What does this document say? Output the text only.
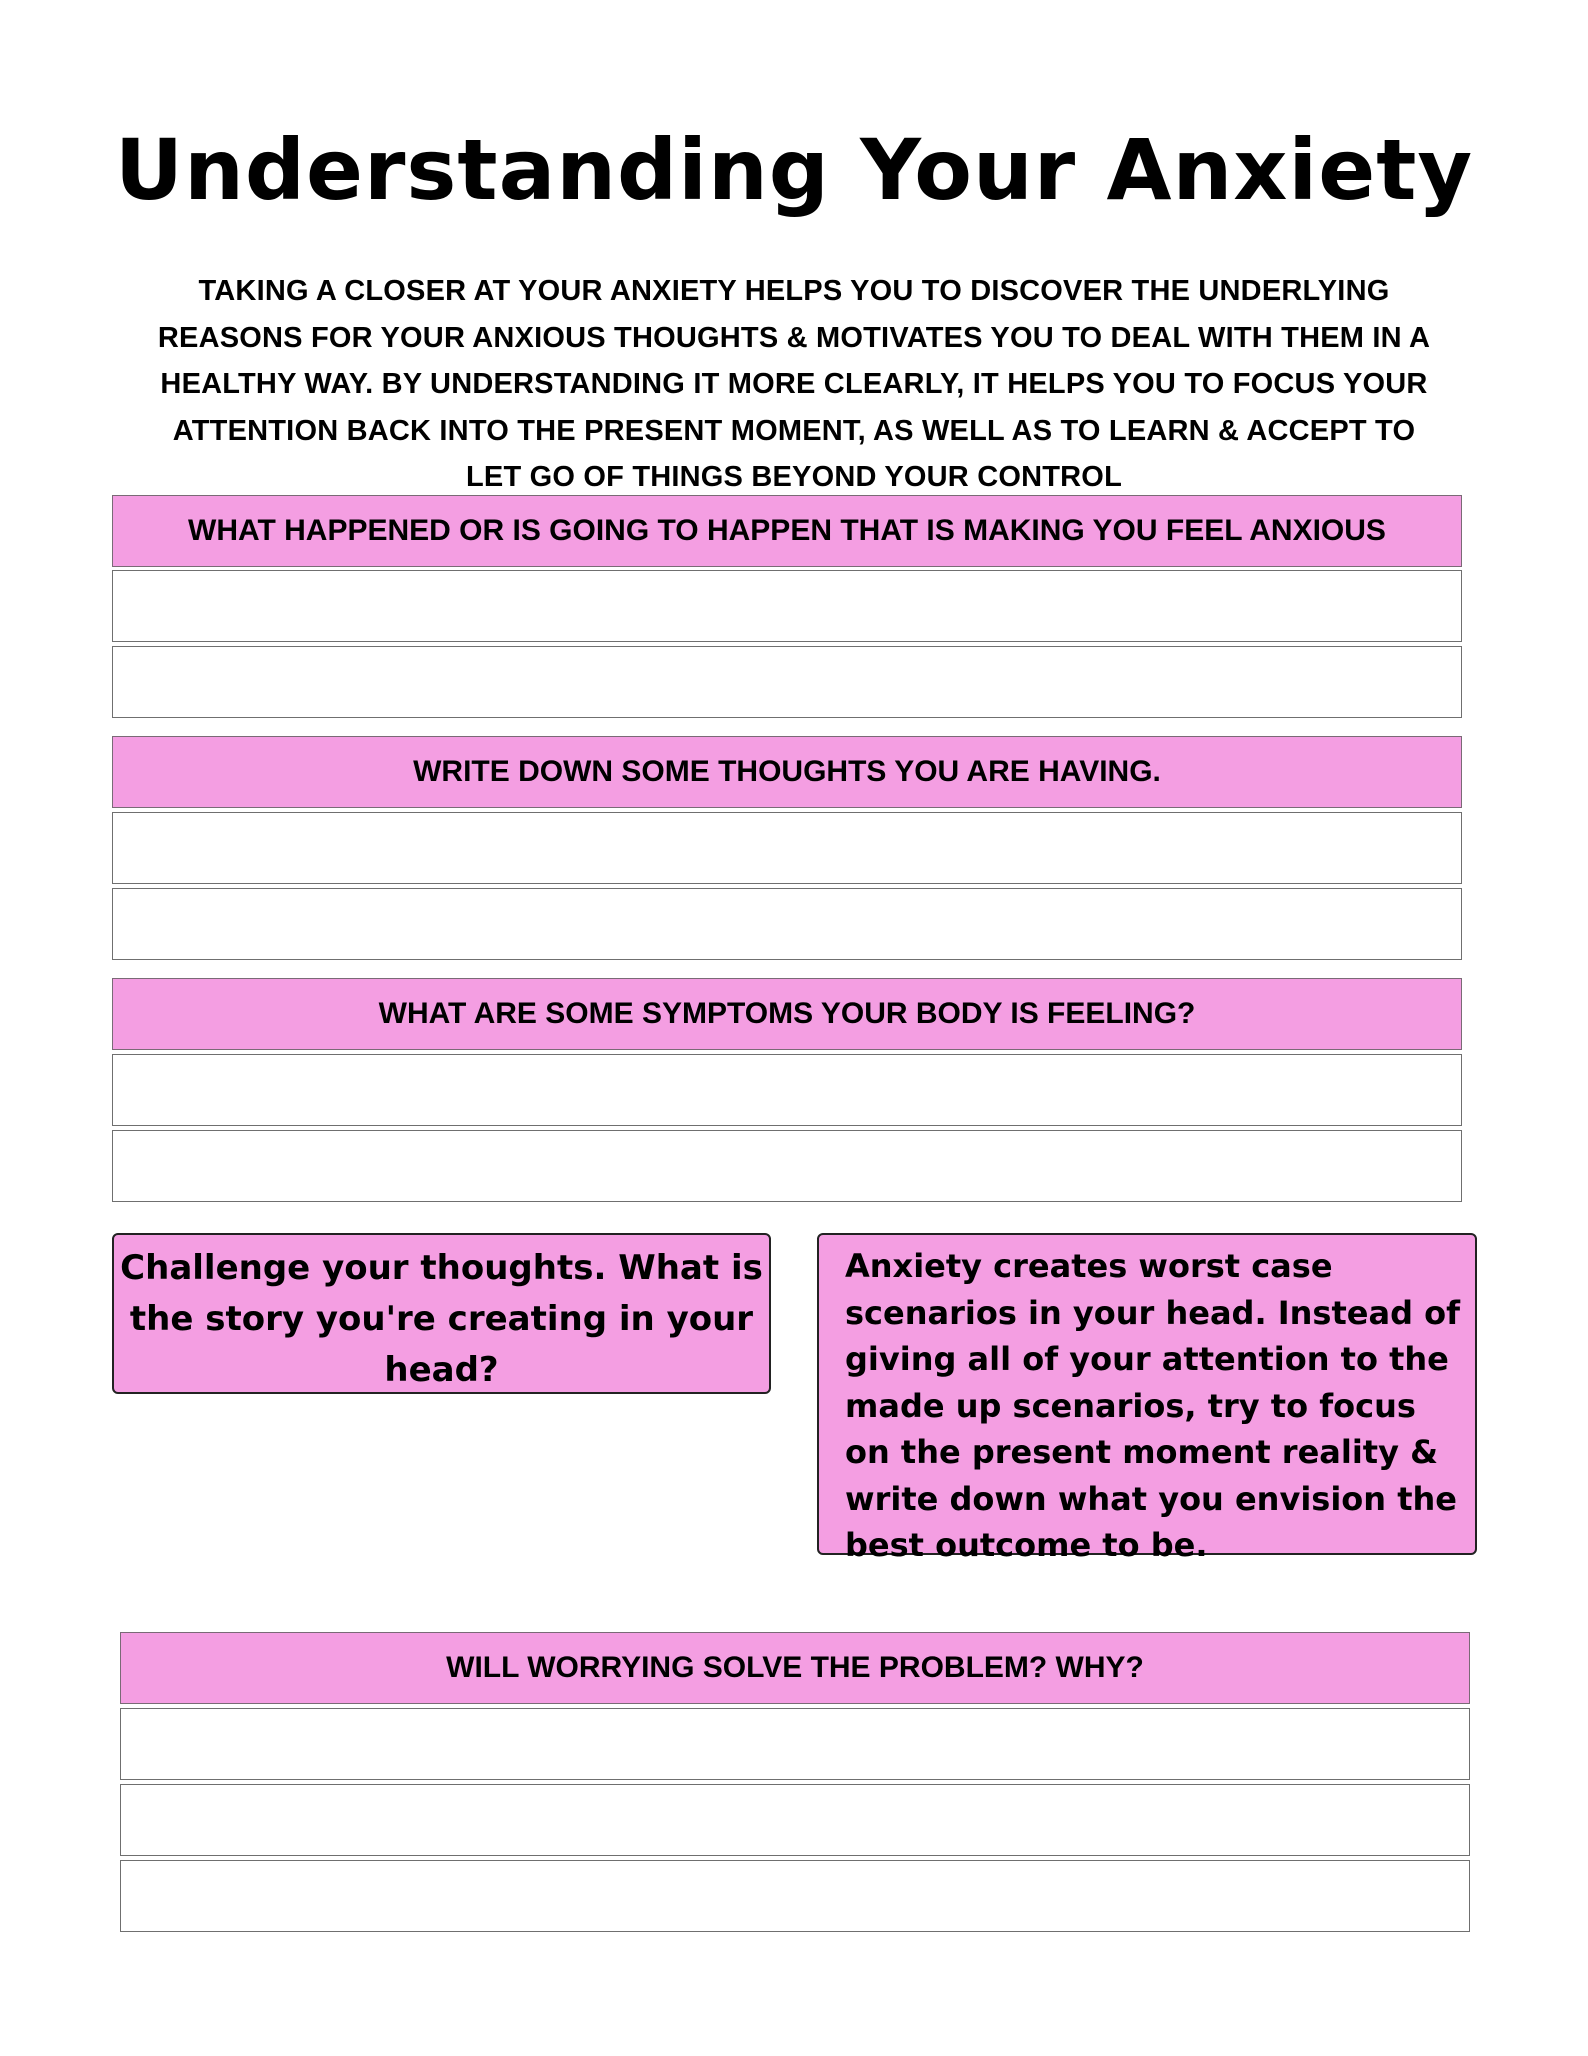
Understanding Your Anxiety
TAKING A CLOSER AT YOUR ANXIETY HELPS YOU TO DISCOVER THE UNDERLYING REASONS FOR YOUR ANXIOUS THOUGHTS & MOTIVATES YOU TO DEAL WITH THEM IN A HEALTHY WAY. BY UNDERSTANDING IT MORE CLEARLY, IT HELPS YOU TO FOCUS YOUR ATTENTION BACK INTO THE PRESENT MOMENT, AS WELL AS TO LEARN & ACCEPT TO LET GO OF THINGS BEYOND YOUR CONTROL
WHAT HAPPENED OR IS GOING TO HAPPEN THAT IS MAKING YOU FEEL ANXIOUS
WRITE DOWN SOME THOUGHTS YOU ARE HAVING.
WHAT ARE SOME SYMPTOMS YOUR BODY IS FEELING?
Challenge your thoughts. What is the story you're creating in your head?
Anxiety creates worst case scenarios in your head. Instead of giving all of your attention to the made up scenarios, try to focus on the present moment reality & write down what you envision the best outcome to be.
WILL WORRYING SOLVE THE PROBLEM? WHY?
